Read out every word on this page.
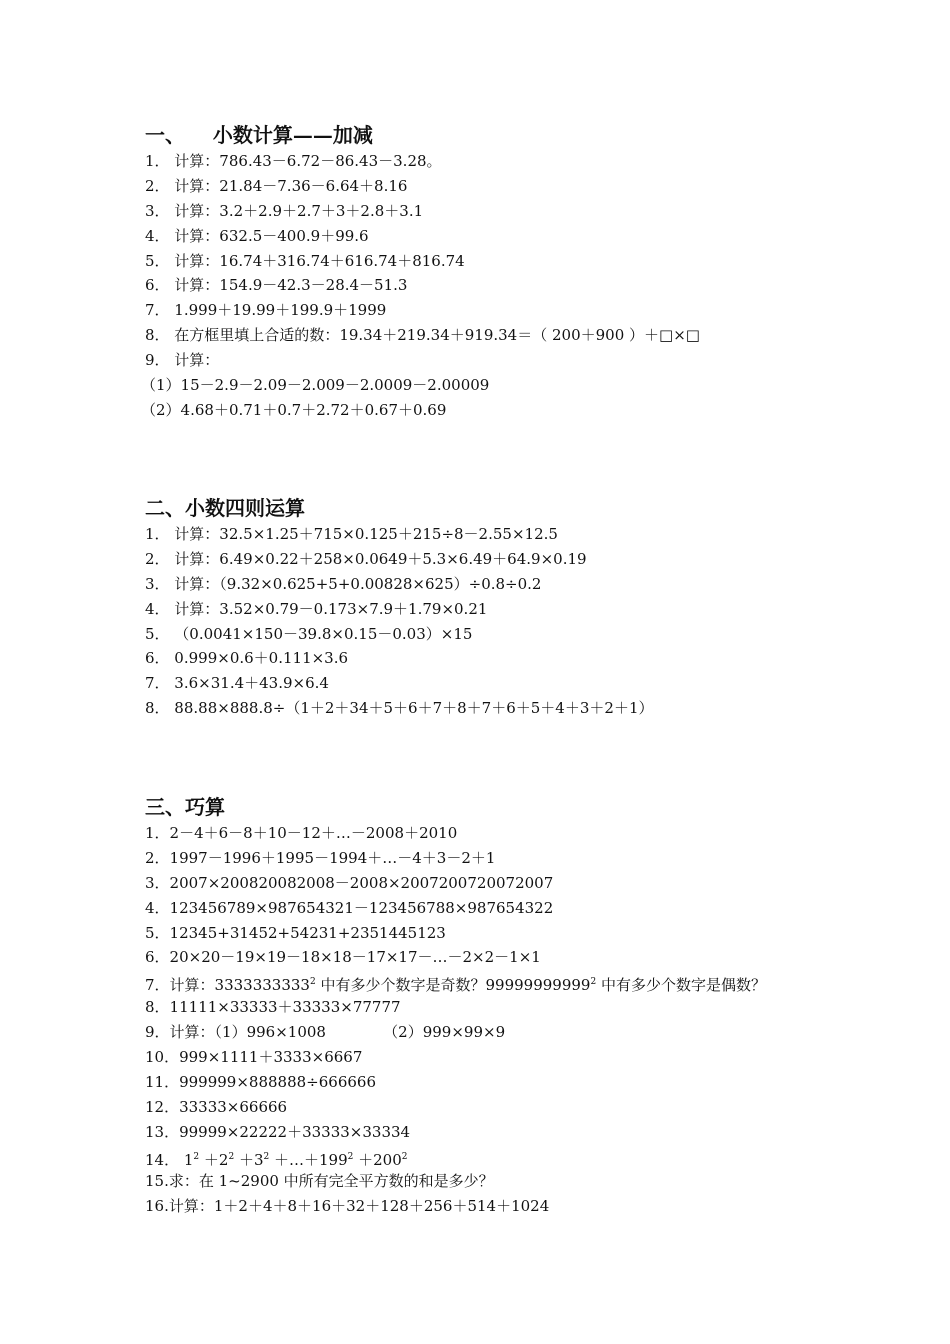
一、    小数计算——加减
1． 计算：786.43－6.72－86.43－3.28。
2． 计算：21.84－7.36－6.64＋8.16
3． 计算：3.2＋2.9＋2.7＋3＋2.8＋3.1
4． 计算：632.5－400.9＋99.6
5． 计算：16.74＋316.74＋616.74＋816.74
6． 计算：154.9－42.3－28.4－51.3
7． 1.999＋19.99＋199.9＋1999
8． 在方框里填上合适的数：19.34＋219.34＋919.34＝（ 200＋900 ）＋□×□
9． 计算：
（1）15－2.9－2.09－2.009－2.0009－2.00009
（2）4.68＋0.71＋0.7＋2.72＋0.67＋0.69
二、小数四则运算
1． 计算：32.5×1.25＋715×0.125＋215÷8－2.55×12.5
2． 计算：6.49×0.22＋258×0.0649＋5.3×6.49＋64.9×0.19
3． 计算：（9.32×0.625+5+0.00828×625）÷0.8÷0.2
4． 计算：3.52×0.79－0.173×7.9＋1.79×0.21
5． （0.0041×150－39.8×0.15－0.03）×15
6． 0.999×0.6＋0.111×3.6
7． 3.6×31.4＋43.9×6.4
8． 88.88×888.8÷（1＋2＋34＋5＋6＋7＋8＋7＋6＋5＋4＋3＋2＋1）
三、巧算
1．2－4＋6－8＋10－12＋…－2008＋2010
2．1997－1996＋1995－1994＋…－4＋3－2＋1
3．2007×200820082008－2008×2007200720072007
4．123456789×987654321－123456788×987654322
5．12345+31452+54231+2351445123
6．20×20－19×19－18×18－17×17－…－2×2－1×1
7．计算：3333333333$^2$ 中有多少个数字是奇数？99999999999$^2$ 中有多少个数字是偶数？
8．11111×33333＋33333×77777
9．计算：（1）996×1008            （2）999×99×9
10．999×1111＋3333×6667
11．999999×888888÷666666
12．33333×66666
13．99999×22222＋33333×33334
14． $1^2 +2^2 +3^2$ $+\dots+199^2 +200^2$
15.求：在 1~2900 中所有完全平方数的和是多少？
16.计算：1＋2＋4＋8＋16＋32＋128＋256＋514＋1024
